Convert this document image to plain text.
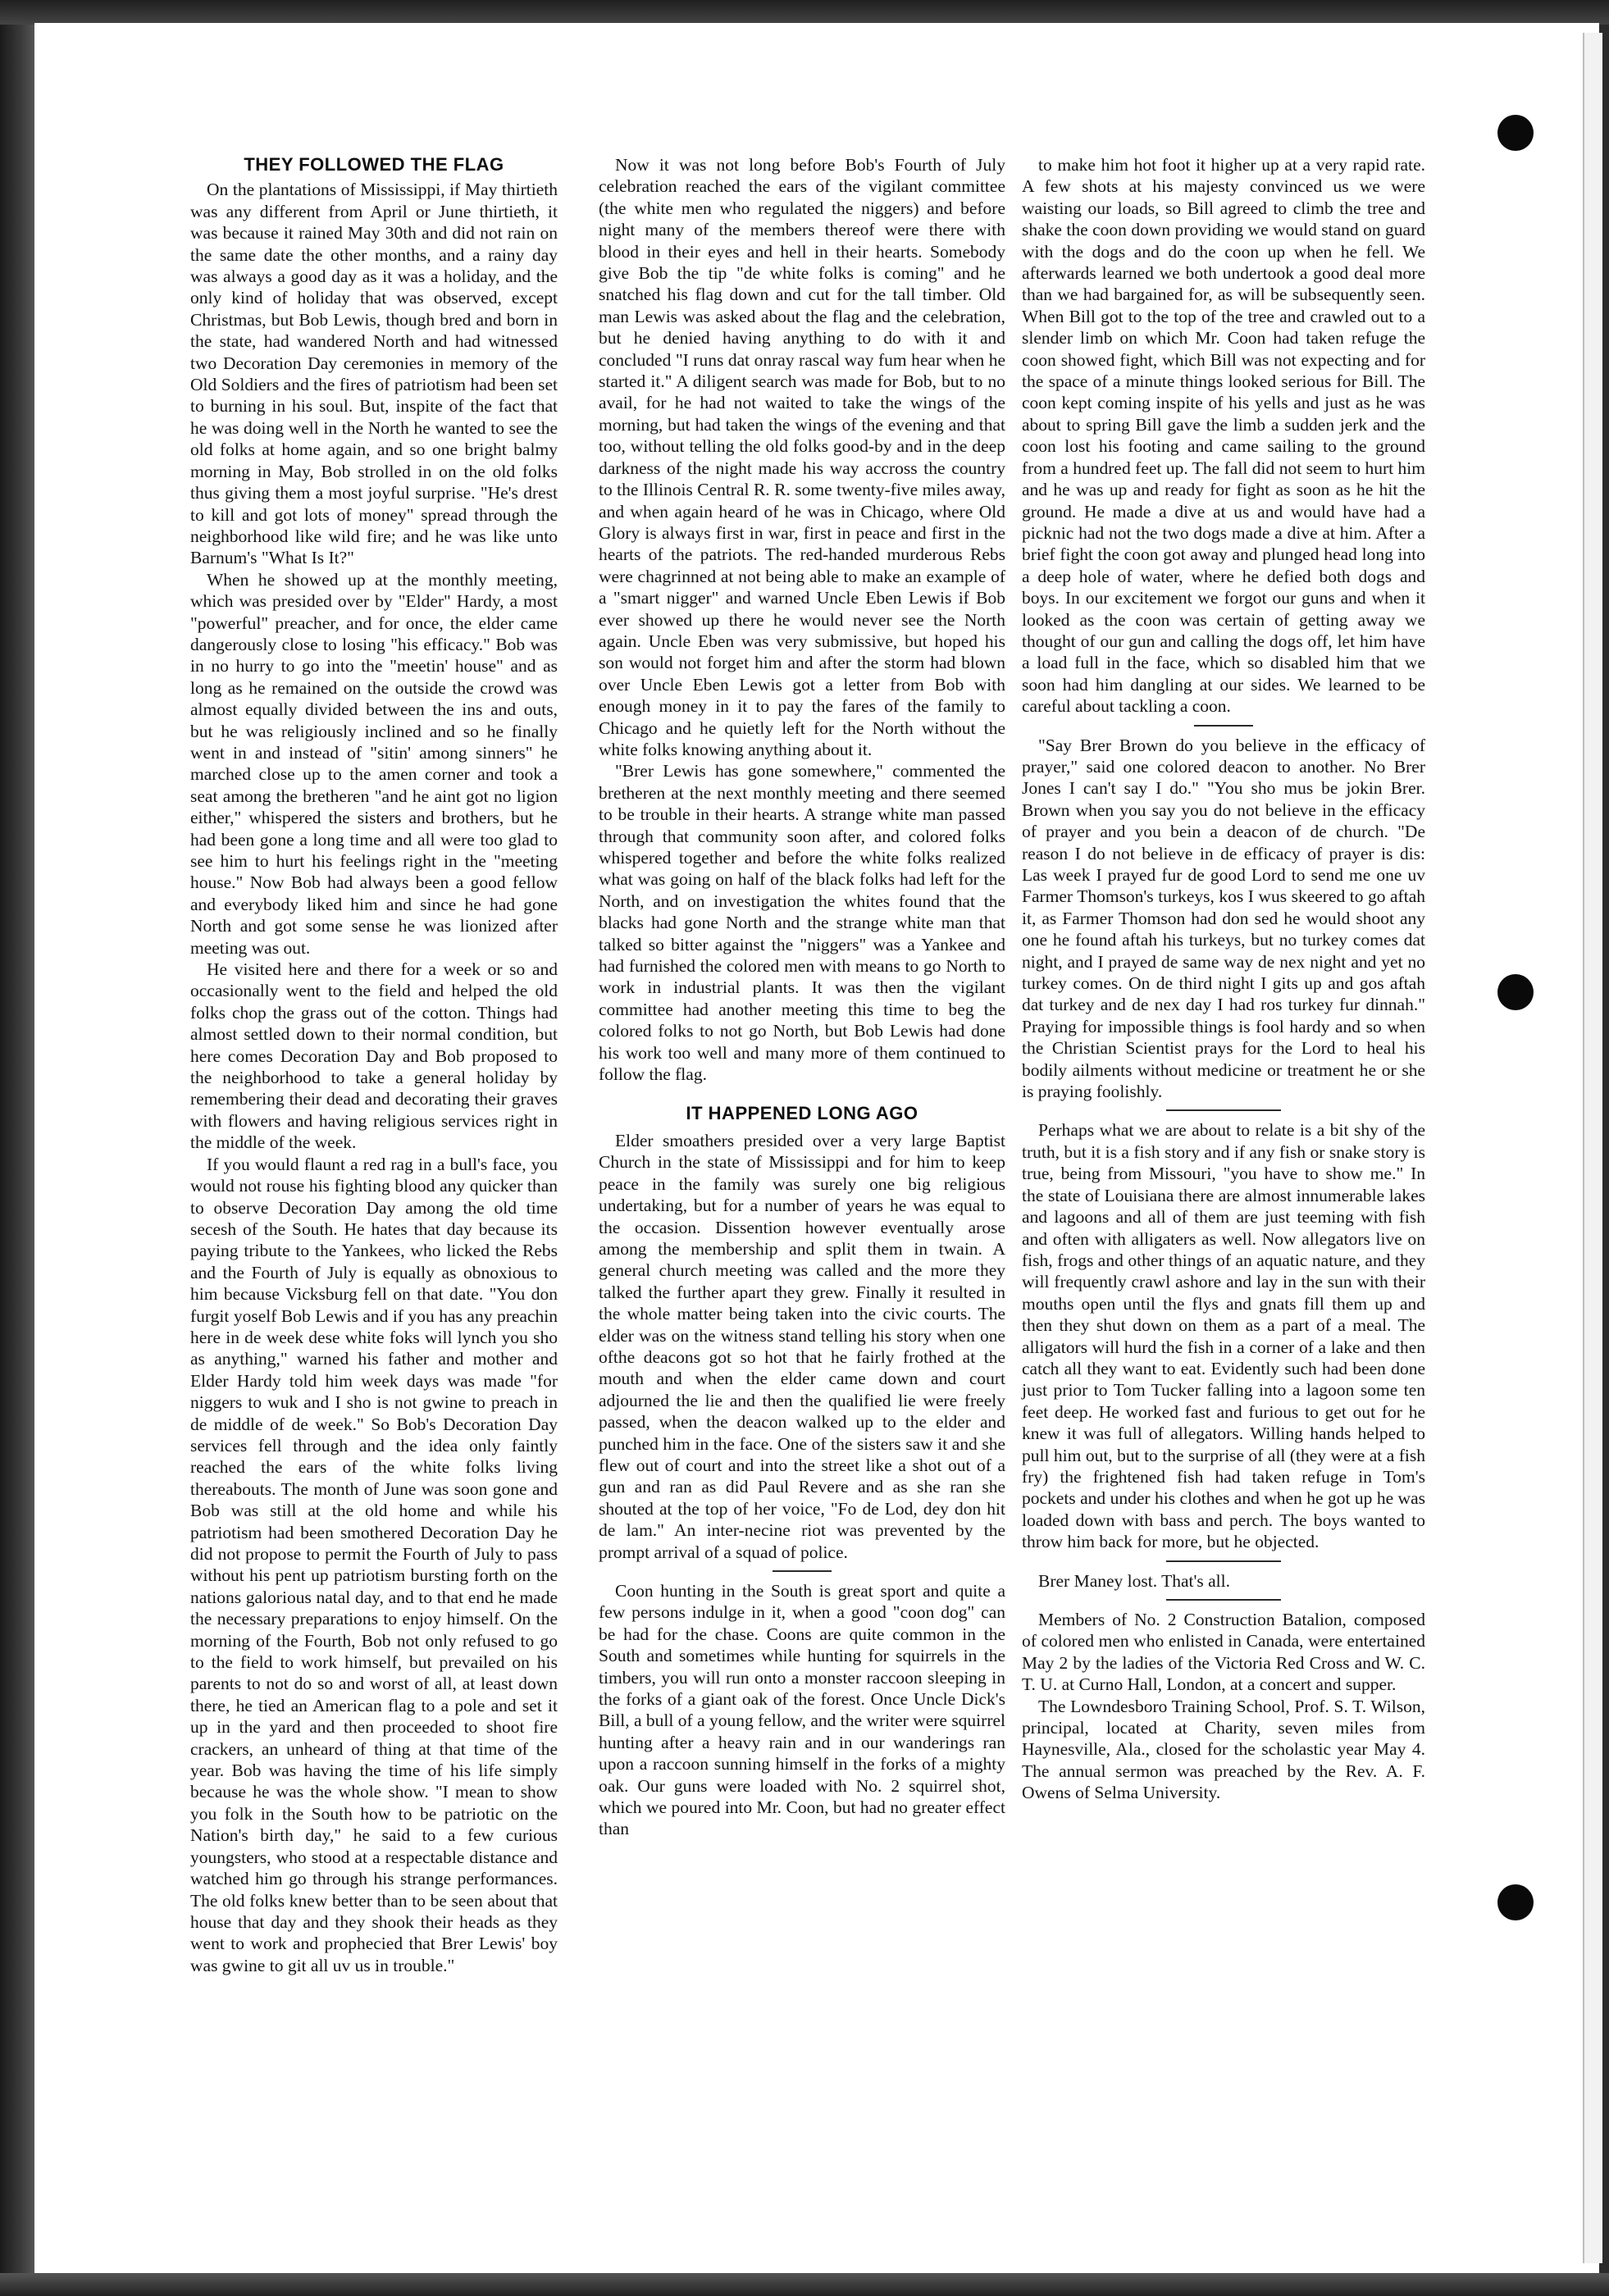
THEY FOLLOWED THE FLAG

On the plantations of Mississippi, if May thirtieth was any different from April or June thirtieth, it was because it rained May 30th and did not rain on the same date the other months, and a rainy day was always a good day as it was a holiday, and the only kind of holiday that was observed, except Christmas, but Bob Lewis, though bred and born in the state, had wandered North and had witnessed two Decoration Day ceremonies in memory of the Old Soldiers and the fires of patriotism had been set to burning in his soul. But, inspite of the fact that he was doing well in the North he wanted to see the old folks at home again, and so one bright balmy morning in May, Bob strolled in on the old folks thus giving them a most joyful surprise. "He's drest to kill and got lots of money" spread through the neighborhood like wild fire; and he was like unto Barnum's "What Is It?"

When he showed up at the monthly meeting, which was presided over by "Elder" Hardy, a most "powerful" preacher, and for once, the elder came dangerously close to losing "his efficacy." Bob was in no hurry to go into the "meetin' house" and as long as he remained on the outside the crowd was almost equally divided between the ins and outs, but he was religiously inclined and so he finally went in and instead of "sitin' among sinners" he marched close up to the amen corner and took a seat among the bretheren "and he aint got no ligion either," whispered the sisters and brothers, but he had been gone a long time and all were too glad to see him to hurt his feelings right in the "meeting house." Now Bob had always been a good fellow and everybody liked him and since he had gone North and got some sense he was lionized after meeting was out.

He visited here and there for a week or so and occasionally went to the field and helped the old folks chop the grass out of the cotton. Things had almost settled down to their normal condition, but here comes Decoration Day and Bob proposed to the neighborhood to take a general holiday by remembering their dead and decorating their graves with flowers and having religious services right in the middle of the week.

If you would flaunt a red rag in a bull's face, you would not rouse his fighting blood any quicker than to observe Decoration Day among the old time secesh of the South. He hates that day because its paying tribute to the Yankees, who licked the Rebs and the Fourth of July is equally as obnoxious to him because Vicksburg fell on that date. "You don furgit yoself Bob Lewis and if you has any preachin here in de week dese white foks will lynch you sho as anything," warned his father and mother and Elder Hardy told him week days was made "for niggers to wuk and I sho is not gwine to preach in de middle of de week." So Bob's Decoration Day services fell through and the idea only faintly reached the ears of the white folks living thereabouts. The month of June was soon gone and Bob was still at the old home and while his patriotism had been smothered Decoration Day he did not propose to permit the Fourth of July to pass without his pent up patriotism bursting forth on the nations galorious natal day, and to that end he made the necessary preparations to enjoy himself. On the morning of the Fourth, Bob not only refused to go to the field to work himself, but prevailed on his parents to not do so and worst of all, at least down there, he tied an American flag to a pole and set it up in the yard and then proceeded to shoot fire crackers, an unheard of thing at that time of the year. Bob was having the time of his life simply because he was the whole show. "I mean to show you folk in the South how to be patriotic on the Nation's birth day," he said to a few curious youngsters, who stood at a respectable distance and watched him go through his strange performances. The old folks knew better than to be seen about that house that day and they shook their heads as they went to work and prophecied that Brer Lewis' boy was gwine to git all uv us in trouble."

Now it was not long before Bob's Fourth of July celebration reached the ears of the vigilant committee (the white men who regulated the niggers) and before night many of the members thereof were there with blood in their eyes and hell in their hearts. Somebody give Bob the tip "de white folks is coming" and he snatched his flag down and cut for the tall timber. Old man Lewis was asked about the flag and the celebration, but he denied having anything to do with it and concluded "I runs dat onray rascal way fum hear when he started it." A diligent search was made for Bob, but to no avail, for he had not waited to take the wings of the morning, but had taken the wings of the evening and that too, without telling the old folks good-by and in the deep darkness of the night made his way accross the country to the Illinois Central R. R. some twenty-five miles away, and when again heard of he was in Chicago, where Old Glory is always first in war, first in peace and first in the hearts of the patriots. The red-handed murderous Rebs were chagrinned at not being able to make an example of a "smart nigger" and warned Uncle Eben Lewis if Bob ever showed up there he would never see the North again. Uncle Eben was very submissive, but hoped his son would not forget him and after the storm had blown over Uncle Eben Lewis got a letter from Bob with enough money in it to pay the fares of the family to Chicago and he quietly left for the North without the white folks knowing anything about it.

"Brer Lewis has gone somewhere," commented the bretheren at the next monthly meeting and there seemed to be trouble in their hearts. A strange white man passed through that community soon after, and colored folks whispered together and before the white folks realized what was going on half of the black folks had left for the North, and on investigation the whites found that the blacks had gone North and the strange white man that talked so bitter against the "niggers" was a Yankee and had furnished the colored men with means to go North to work in industrial plants. It was then the vigilant committee had another meeting this time to beg the colored folks to not go North, but Bob Lewis had done his work too well and many more of them continued to follow the flag.

IT HAPPENED LONG AGO

Elder smoathers presided over a very large Baptist Church in the state of Mississippi and for him to keep peace in the family was surely one big religious undertaking, but for a number of years he was equal to the occasion. Dissention however eventually arose among the membership and split them in twain. A general church meeting was called and the more they talked the further apart they grew. Finally it resulted in the whole matter being taken into the civic courts. The elder was on the witness stand telling his story when one ofthe deacons got so hot that he fairly frothed at the mouth and when the elder came down and court adjourned the lie and then the qualified lie were freely passed, when the deacon walked up to the elder and punched him in the face. One of the sisters saw it and she flew out of court and into the street like a shot out of a gun and ran as did Paul Revere and as she ran she shouted at the top of her voice, "Fo de Lod, dey don hit de lam." An inter-necine riot was prevented by the prompt arrival of a squad of police.

Coon hunting in the South is great sport and quite a few persons indulge in it, when a good "coon dog" can be had for the chase. Coons are quite common in the South and sometimes while hunting for squirrels in the timbers, you will run onto a monster raccoon sleeping in the forks of a giant oak of the forest. Once Uncle Dick's Bill, a bull of a young fellow, and the writer were squirrel hunting after a heavy rain and in our wanderings ran upon a raccoon sunning himself in the forks of a mighty oak. Our guns were loaded with No. 2 squirrel shot, which we poured into Mr. Coon, but had no greater effect than

to make him hot foot it higher up at a very rapid rate. A few shots at his majesty convinced us we were waisting our loads, so Bill agreed to climb the tree and shake the coon down providing we would stand on guard with the dogs and do the coon up when he fell. We afterwards learned we both undertook a good deal more than we had bargained for, as will be subsequently seen. When Bill got to the top of the tree and crawled out to a slender limb on which Mr. Coon had taken refuge the coon showed fight, which Bill was not expecting and for the space of a minute things looked serious for Bill. The coon kept coming inspite of his yells and just as he was about to spring Bill gave the limb a sudden jerk and the coon lost his footing and came sailing to the ground from a hundred feet up. The fall did not seem to hurt him and he was up and ready for fight as soon as he hit the ground. He made a dive at us and would have had a picknic had not the two dogs made a dive at him. After a brief fight the coon got away and plunged head long into a deep hole of water, where he defied both dogs and boys. In our excitement we forgot our guns and when it looked as the coon was certain of getting away we thought of our gun and calling the dogs off, let him have a load full in the face, which so disabled him that we soon had him dangling at our sides. We learned to be careful about tackling a coon.

"Say Brer Brown do you believe in the efficacy of prayer," said one colored deacon to another. No Brer Jones I can't say I do." "You sho mus be jokin Brer. Brown when you say you do not believe in the efficacy of prayer and you bein a deacon of de church. "De reason I do not believe in de efficacy of prayer is dis: Las week I prayed fur de good Lord to send me one uv Farmer Thomson's turkeys, kos I wus skeered to go aftah it, as Farmer Thomson had don sed he would shoot any one he found aftah his turkeys, but no turkey comes dat night, and I prayed de same way de nex night and yet no turkey comes. On de third night I gits up and gos aftah dat turkey and de nex day I had ros turkey fur dinnah." Praying for impossible things is fool hardy and so when the Christian Scientist prays for the Lord to heal his bodily ailments without medicine or treatment he or she is praying foolishly.

Perhaps what we are about to relate is a bit shy of the truth, but it is a fish story and if any fish or snake story is true, being from Missouri, "you have to show me." In the state of Louisiana there are almost innumerable lakes and lagoons and all of them are just teeming with fish and often with alligaters as well. Now allegators live on fish, frogs and other things of an aquatic nature, and they will frequently crawl ashore and lay in the sun with their mouths open until the flys and gnats fill them up and then they shut down on them as a part of a meal. The alligators will hurd the fish in a corner of a lake and then catch all they want to eat. Evidently such had been done just prior to Tom Tucker falling into a lagoon some ten feet deep. He worked fast and furious to get out for he knew it was full of allegators. Willing hands helped to pull him out, but to the surprise of all (they were at a fish fry) the frightened fish had taken refuge in Tom's pockets and under his clothes and when he got up he was loaded down with bass and perch. The boys wanted to throw him back for more, but he objected.

Brer Maney lost. That's all.

Members of No. 2 Construction Batalion, composed of colored men who enlisted in Canada, were entertained May 2 by the ladies of the Victoria Red Cross and W. C. T. U. at Curno Hall, London, at a concert and supper.

The Lowndesboro Training School, Prof. S. T. Wilson, principal, located at Charity, seven miles from Haynesville, Ala., closed for the scholastic year May 4. The annual sermon was preached by the Rev. A. F. Owens of Selma University.
